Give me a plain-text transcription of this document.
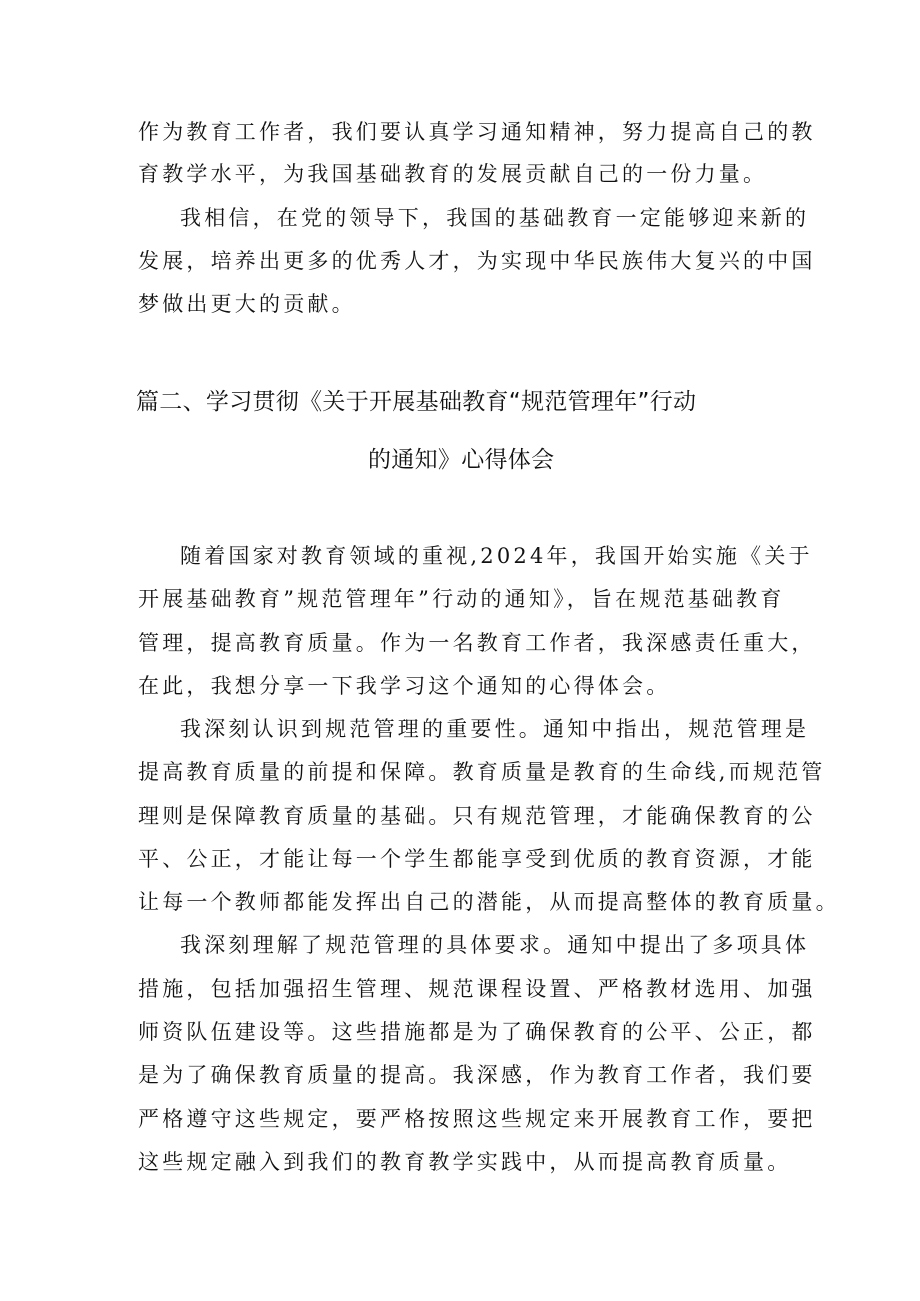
作为教育工作者，我们要认真学习通知精神，努力提高自己的教

育教学水平，为我国基础教育的发展贡献自己的一份力量。

我相信，在党的领导下，我国的基础教育一定能够迎来新的

发展，培养出更多的优秀人才，为实现中华民族伟大复兴的中国

梦做出更大的贡献。

篇二、学习贯彻《关于开展基础教育“规范管理年”行动

的通知》心得体会

随着国家对教育领域的重视,2024年，我国开始实施《关于

开展基础教育”规范管理年”行动的通知》，旨在规范基础教育

管理，提高教育质量。作为一名教育工作者，我深感责任重大，

在此，我想分享一下我学习这个通知的心得体会。

我深刻认识到规范管理的重要性。通知中指出，规范管理是

提高教育质量的前提和保障。教育质量是教育的生命线,而规范管

理则是保障教育质量的基础。只有规范管理，才能确保教育的公

平、公正，才能让每一个学生都能享受到优质的教育资源，才能

让每一个教师都能发挥出自己的潜能，从而提高整体的教育质量。

我深刻理解了规范管理的具体要求。通知中提出了多项具体

措施，包括加强招生管理、规范课程设置、严格教材选用、加强

师资队伍建设等。这些措施都是为了确保教育的公平、公正，都

是为了确保教育质量的提高。我深感，作为教育工作者，我们要

严格遵守这些规定，要严格按照这些规定来开展教育工作，要把

这些规定融入到我们的教育教学实践中，从而提高教育质量。
